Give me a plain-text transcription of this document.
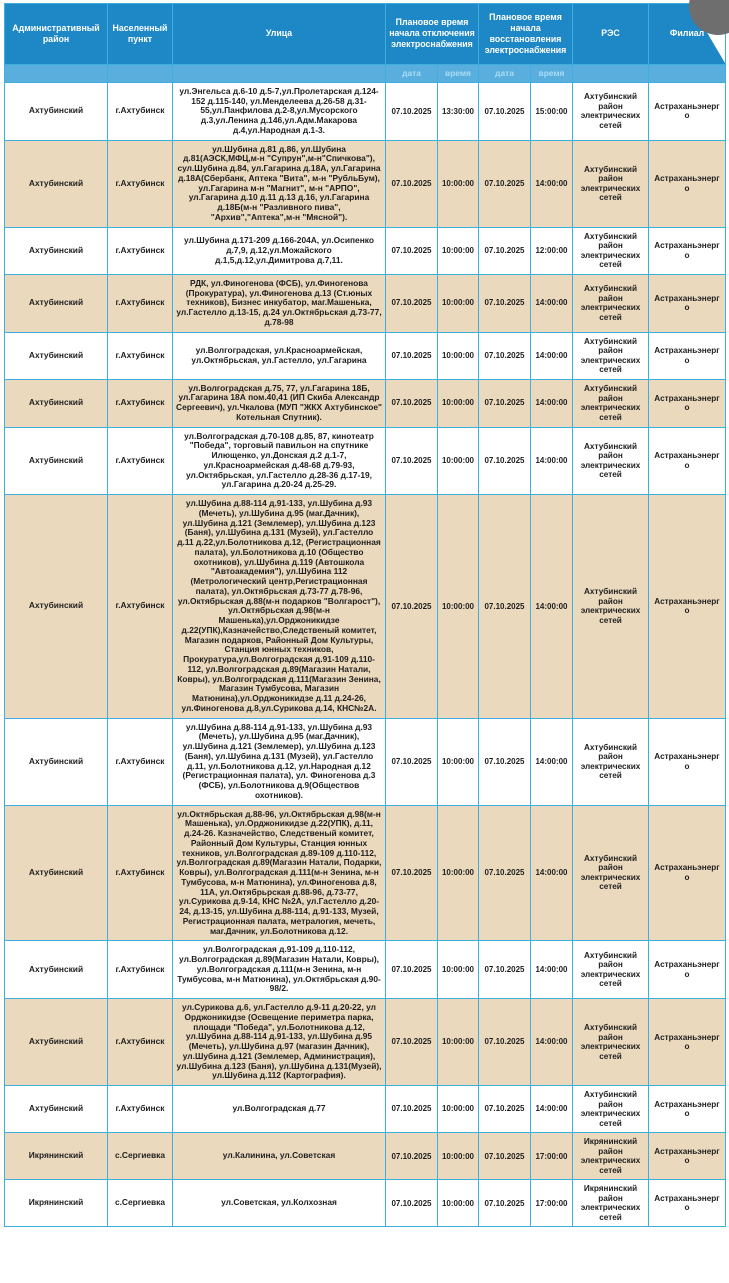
Административный район	Населенный пункт	Улица	Плановое время начала отключения электроснабжения		Плановое время начала восстановления электроснабжения		РЭС	Филиал
			дата	время	дата	время		
Ахтубинский	г.Ахтубинск	ул.Энгельса д.6-10 д.5-7,ул.Пролетарская д.124-152 д.115-140, ул.Менделеева д.26-58 д.31-55,ул.Панфилова д.2-8,ул.Мусорского д.3,ул.Ленина д.146,ул.Адм.Макарова д.4,ул.Народная д.1-3.	07.10.2025	13:30:00	07.10.2025	15:00:00	Ахтубинский район электрических сетей	Астраханьэнерго
Ахтубинский	г.Ахтубинск	ул.Шубина д.81 д.86, ул.Шубина д.81(АЭСК,МФЦ,м-н "Супрун",м-н"Спичкова"), сул.Шубина д.84, ул.Гагарина д.18А, ул.Гагарина д.18А(Сбербанк, Аптека "Вита", м-н "РубльБум), ул.Гагарина м-н "Магнит", м-н "АРПО", ул.Гагарина д.10 д.11 д.13 д.16, ул.Гагарина д.18Б(м-н "Разливного пива", "Архив","Аптека",м-н "Мясной").	07.10.2025	10:00:00	07.10.2025	14:00:00	Ахтубинский район электрических сетей	Астраханьэнерго
Ахтубинский	г.Ахтубинск	ул.Шубина д.171-209 д.166-204А, ул.Осипенко д.7,9, д.12,ул.Можайского д.1,5,д.12,ул.Димитрова д.7,11.	07.10.2025	10:00:00	07.10.2025	12:00:00	Ахтубинский район электрических сетей	Астраханьэнерго
Ахтубинский	г.Ахтубинск	РДК, ул.Финогенова (ФСБ), ул.Финогенова (Прокуратура), ул.Финогенова д.13 (Ст.юных техников), Бизнес инкубатор, маг.Машенька, ул.Гастелло д.13-15, д.24 ул.Октябрьская д.73-77, д.78-98	07.10.2025	10:00:00	07.10.2025	14:00:00	Ахтубинский район электрических сетей	Астраханьэнерго
Ахтубинский	г.Ахтубинск	ул.Волгоградская, ул.Красноармейская, ул.Октябрьская, ул.Гастелло, ул.Гагарина	07.10.2025	10:00:00	07.10.2025	14:00:00	Ахтубинский район электрических сетей	Астраханьэнерго
Ахтубинский	г.Ахтубинск	ул.Волгоградская д.75, 77, ул.Гагарина 18Б, ул.Гагарина 18А пом.40,41 (ИП Скиба Александр Сергеевич), ул.Чкалова (МУП "ЖКХ Ахтубинское" Котельная Спутник).	07.10.2025	10:00:00	07.10.2025	14:00:00	Ахтубинский район электрических сетей	Астраханьэнерго
Ахтубинский	г.Ахтубинск	ул.Волгоградская д.70-108 д.85, 87, кинотеатр "Победа", торговый павильон на спутнике Илющенко, ул.Донская д.2 д.1-7, ул.Красноармейская д.48-68 д.79-93, ул.Октябрьская, ул.Гастелло д.28-36 д.17-19, ул.Гагарина д.20-24 д.25-29.	07.10.2025	10:00:00	07.10.2025	14:00:00	Ахтубинский район электрических сетей	Астраханьэнерго
Ахтубинский	г.Ахтубинск	ул.Шубина д.88-114 д.91-133, ул.Шубина д.93 (Мечеть), ул.Шубина д.95 (маг.Дачник), ул.Шубина д.121 (Землемер), ул.Шубина д.123 (Баня), ул.Шубина д.131 (Музей), ул.Гастелло д.11 д.22,ул.Болотникова д.12, (Регистрационная палата), ул.Болотникова д.10 (Общество охотников), ул.Шубина д.119 (Автошкола "Автоакадемия"), ул.Шубина 112 (Метрологический центр,Регистрационная палата), ул.Октябрьская д.73-77 д.78-96, ул.Октябрьская д.88(м-н подарков "Волгарост"), ул.Октябрьская д.98(м-н Машенька),ул.Орджоникидзе д.22(УПК),Казначейство,Следственый комитет, Магазин подарков, Районный Дом Культуры, Станция юнных техников, Прокуратура,ул.Волгоградская д.91-109 д.110-112, ул.Волгоградская д.89(Магазин Натали, Ковры), ул.Волгоградская д.111(Магазин Зенина, Магазин Тумбусова, Магазин Матюнина),ул.Орджоникидзе д.11 д.24-26, ул.Финогенова д.8,ул.Сурикова д.14, КНС№2А.	07.10.2025	10:00:00	07.10.2025	14:00:00	Ахтубинский район электрических сетей	Астраханьэнерго
Ахтубинский	г.Ахтубинск	ул.Шубина д.88-114 д.91-133, ул.Шубина д.93 (Мечеть), ул.Шубина д.95 (маг.Дачник), ул.Шубина д.121 (Землемер), ул.Шубина д.123 (Баня), ул.Шубина д.131 (Музей), ул.Гастелло д.11, ул.Болотникова д.12, ул.Народная д.12 (Регистрационная палата), ул. Финогенова д.3 (ФСБ), ул.Болотникова д.9(Обществов охотников).	07.10.2025	10:00:00	07.10.2025	14:00:00	Ахтубинский район электрических сетей	Астраханьэнерго
Ахтубинский	г.Ахтубинск	ул.Октябрьская д.88-96, ул.Октябрьская д.98(м-н Машенька), ул.Орджоникидзе д.22(УПК), д.11, д.24-26. Казначейство, Следственый комитет, Районный Дом Культуры, Станция юнных техников, ул.Волгоградская д.89-109 д.110-112, ул.Волгоградская д.89(Магазин Натали, Подарки, Ковры), ул.Волгоградская д.111(м-н Зенина, м-н Тумбусова, м-н Матюнина), ул.Финогенова д.8, 11А, ул.Октябрьрская д.88-96, д.73-77, ул.Сурикова д.9-14, КНС №2А, ул.Гастелло д.20-24, д.13-15, ул.Шубина д.88-114, д.91-133, Музей, Регистрационная палата, метралогия, мечеть, маг.Дачник, ул.Болотникова д.12.	07.10.2025	10:00:00	07.10.2025	14:00:00	Ахтубинский район электрических сетей	Астраханьэнерго
Ахтубинский	г.Ахтубинск	ул.Волгоградская д.91-109 д.110-112, ул.Волгоградская д.89(Магазин Натали, Ковры), ул.Волгоградская д.111(м-н Зенина, м-н Тумбусова, м-н Матюнина), ул.Октябрьская д.90-98/2.	07.10.2025	10:00:00	07.10.2025	14:00:00	Ахтубинский район электрических сетей	Астраханьэнерго
Ахтубинский	г.Ахтубинск	ул.Сурикова д.6, ул.Гастелло д.9-11 д.20-22, ул Орджоникидзе (Освещение периметра парка, площади "Победа", ул.Болотникова д.12, ул.Шубина д.88-114 д.91-133, ул.Шубина д.95 (Мечеть), ул.Шубина д.97 (магазин Дачник), ул.Шубина д.121 (Землемер, Администрация), ул.Шубина д.123 (Баня), ул.Шубина д.131(Музей), ул.Шубина д.112 (Картография).	07.10.2025	10:00:00	07.10.2025	14:00:00	Ахтубинский район электрических сетей	Астраханьэнерго
Ахтубинский	г.Ахтубинск	ул.Волгоградская д.77	07.10.2025	10:00:00	07.10.2025	14:00:00	Ахтубинский район электрических сетей	Астраханьэнерго
Икрянинский	с.Сергиевка	ул.Калинина, ул.Советская	07.10.2025	10:00:00	07.10.2025	17:00:00	Икрянинский район электрических сетей	Астраханьэнерго
Икрянинский	с.Сергиевка	ул.Советская, ул.Колхозная	07.10.2025	10:00:00	07.10.2025	17:00:00	Икрянинский район электрических сетей	Астраханьэнерго
